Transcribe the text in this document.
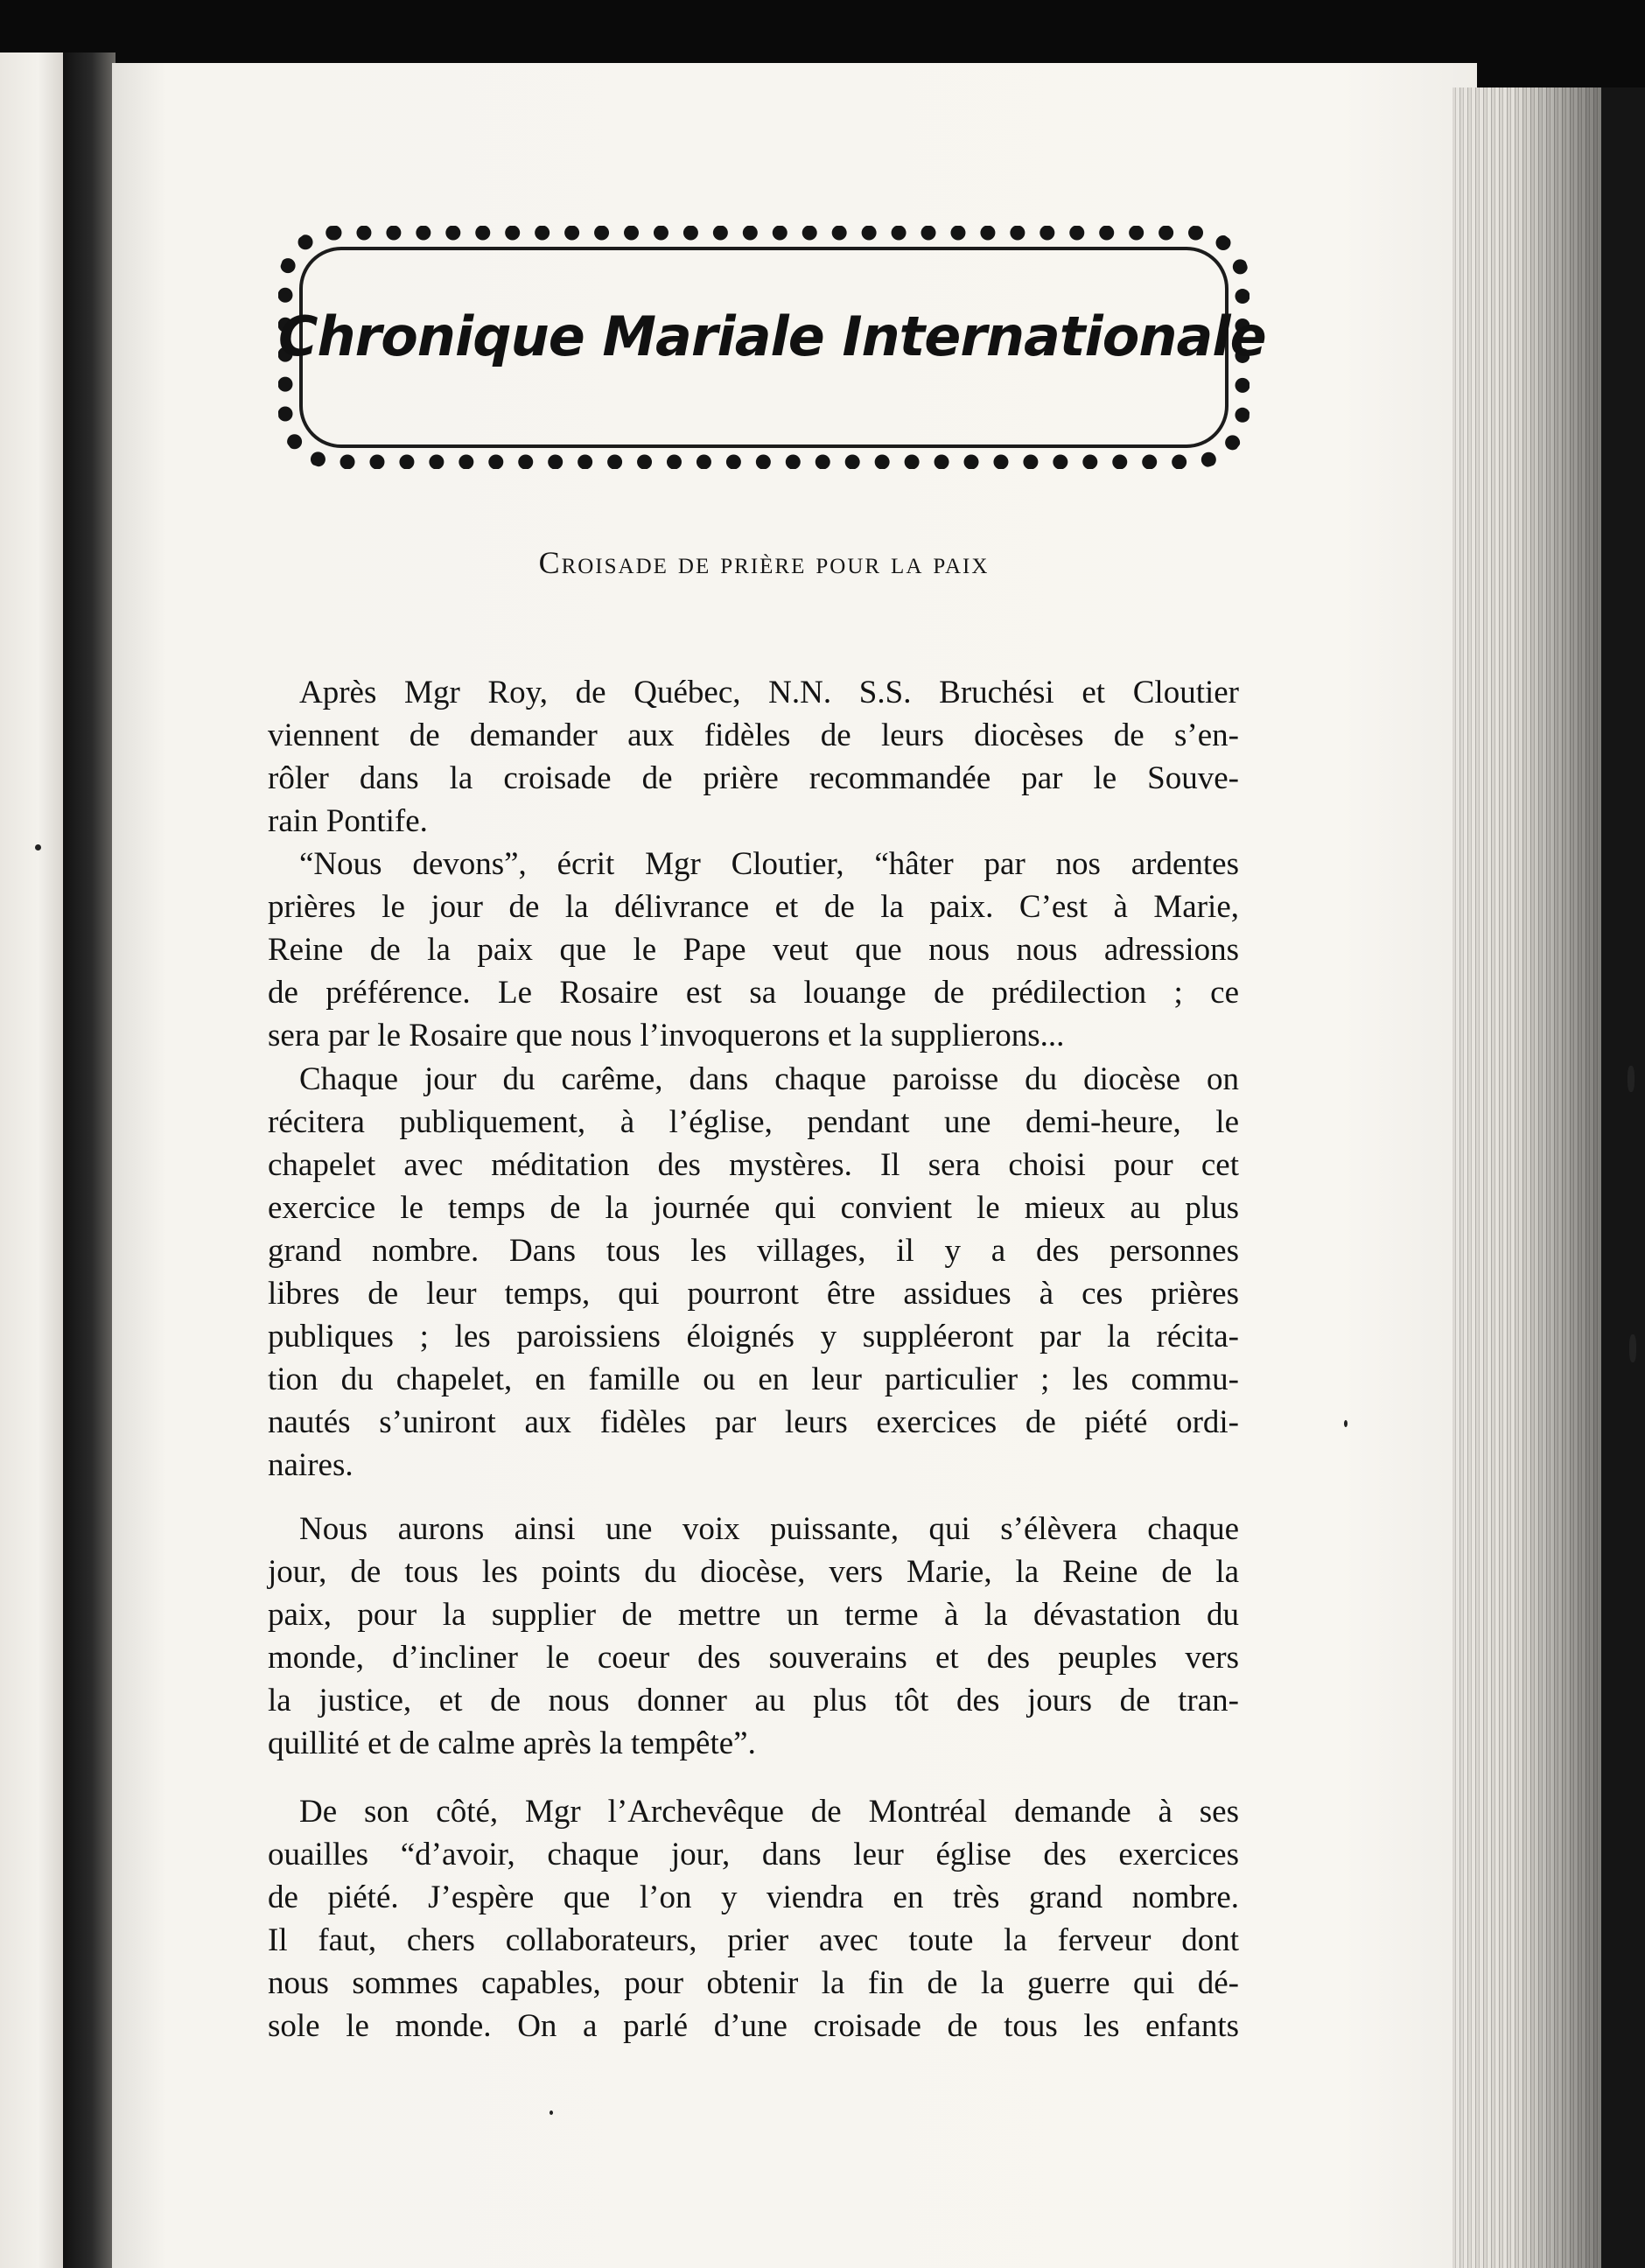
Chronique Mariale Internationale
Croisade de prière pour la paix
Après Mgr Roy, de Québec, N.N. S.S. Bruchési et Cloutier
viennent de demander aux fidèles de leurs diocèses de s’en-
rôler dans la croisade de prière recommandée par le Souve-
rain Pontife.
“Nous devons”, écrit Mgr Cloutier, “hâter par nos ardentes
prières le jour de la délivrance et de la paix. C’est à Marie,
Reine de la paix que le Pape veut que nous nous adressions
de préférence. Le Rosaire est sa louange de prédilection ; ce
sera par le Rosaire que nous l’invoquerons et la supplierons...
Chaque jour du carême, dans chaque paroisse du diocèse on
récitera publiquement, à l’église, pendant une demi-heure, le
chapelet avec méditation des mystères. Il sera choisi pour cet
exercice le temps de la journée qui convient le mieux au plus
grand nombre. Dans tous les villages, il y a des personnes
libres de leur temps, qui pourront être assidues à ces prières
publiques ; les paroissiens éloignés y suppléeront par la récita-
tion du chapelet, en famille ou en leur particulier ; les commu-
nautés s’uniront aux fidèles par leurs exercices de piété ordi-
naires.
Nous aurons ainsi une voix puissante, qui s’élèvera chaque
jour, de tous les points du diocèse, vers Marie, la Reine de la
paix, pour la supplier de mettre un terme à la dévastation du
monde, d’incliner le coeur des souverains et des peuples vers
la justice, et de nous donner au plus tôt des jours de tran-
quillité et de calme après la tempête”.
De son côté, Mgr l’Archevêque de Montréal demande à ses
ouailles “d’avoir, chaque jour, dans leur église des exercices
de piété. J’espère que l’on y viendra en très grand nombre.
Il faut, chers collaborateurs, prier avec toute la ferveur dont
nous sommes capables, pour obtenir la fin de la guerre qui dé-
sole le monde. On a parlé d’une croisade de tous les enfants
